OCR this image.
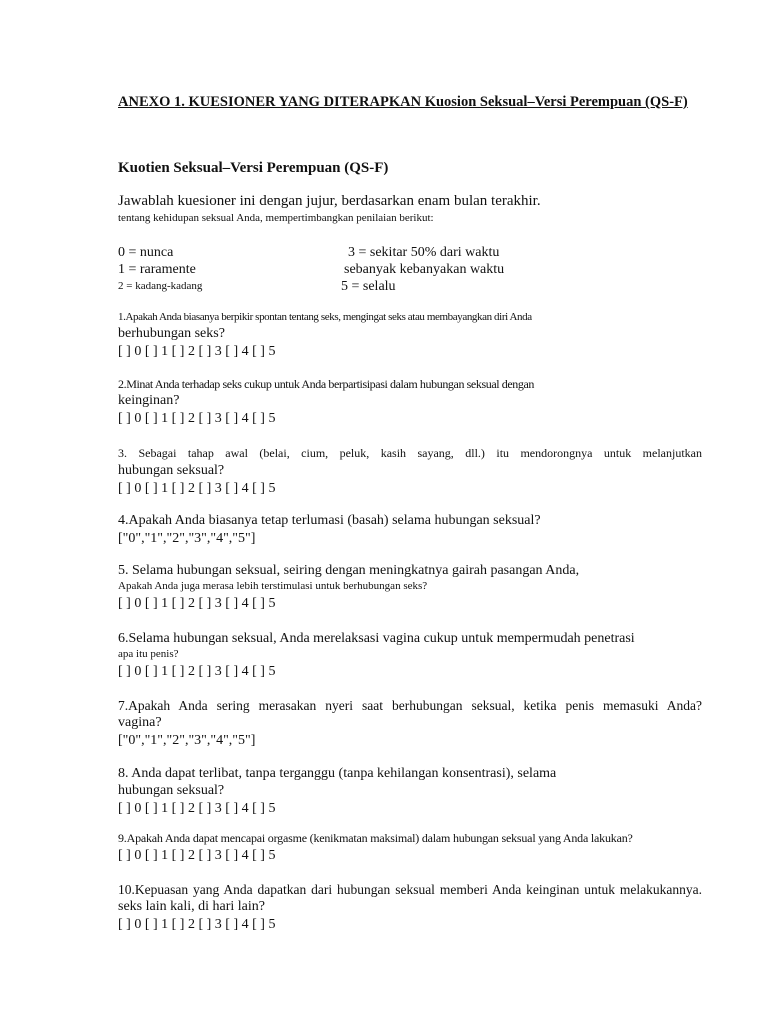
ANEXO 1. KUESIONER YANG DITERAPKAN Kuosion Seksual–Versi Perempuan (QS-F)
Kuotien Seksual–Versi Perempuan (QS-F)
Jawablah kuesioner ini dengan jujur, berdasarkan enam bulan terakhir.
tentang kehidupan seksual Anda, mempertimbangkan penilaian berikut:
0 = nunca
1 = raramente
2 = kadang-kadang
3 = sekitar 50% dari waktu
sebanyak kebanyakan waktu
5 = selalu
1.Apakah Anda biasanya berpikir spontan tentang seks, mengingat seks atau membayangkan diri Anda
berhubungan seks?
[ ] 0 [ ] 1 [ ] 2 [ ] 3 [ ] 4 [ ] 5
2.Minat Anda terhadap seks cukup untuk Anda berpartisipasi dalam hubungan seksual dengan
keinginan?
[ ] 0 [ ] 1 [ ] 2 [ ] 3 [ ] 4 [ ] 5
3. Sebagai tahap awal (belai, cium, peluk, kasih sayang, dll.) itu mendorongnya untuk melanjutkan
hubungan seksual?
[ ] 0 [ ] 1 [ ] 2 [ ] 3 [ ] 4 [ ] 5
4.Apakah Anda biasanya tetap terlumasi (basah) selama hubungan seksual?
["0","1","2","3","4","5"]
5. Selama hubungan seksual, seiring dengan meningkatnya gairah pasangan Anda,
Apakah Anda juga merasa lebih terstimulasi untuk berhubungan seks?
[ ] 0 [ ] 1 [ ] 2 [ ] 3 [ ] 4 [ ] 5
6.Selama hubungan seksual, Anda merelaksasi vagina cukup untuk mempermudah penetrasi
apa itu penis?
[ ] 0 [ ] 1 [ ] 2 [ ] 3 [ ] 4 [ ] 5
7.Apakah Anda sering merasakan nyeri saat berhubungan seksual, ketika penis memasuki Anda?
vagina?
["0","1","2","3","4","5"]
8. Anda dapat terlibat, tanpa terganggu (tanpa kehilangan konsentrasi), selama
hubungan seksual?
[ ] 0 [ ] 1 [ ] 2 [ ] 3 [ ] 4 [ ] 5
9.Apakah Anda dapat mencapai orgasme (kenikmatan maksimal) dalam hubungan seksual yang Anda lakukan?
[ ] 0 [ ] 1 [ ] 2 [ ] 3 [ ] 4 [ ] 5
10.Kepuasan yang Anda dapatkan dari hubungan seksual memberi Anda keinginan untuk melakukannya.
seks lain kali, di hari lain?
[ ] 0 [ ] 1 [ ] 2 [ ] 3 [ ] 4 [ ] 5
